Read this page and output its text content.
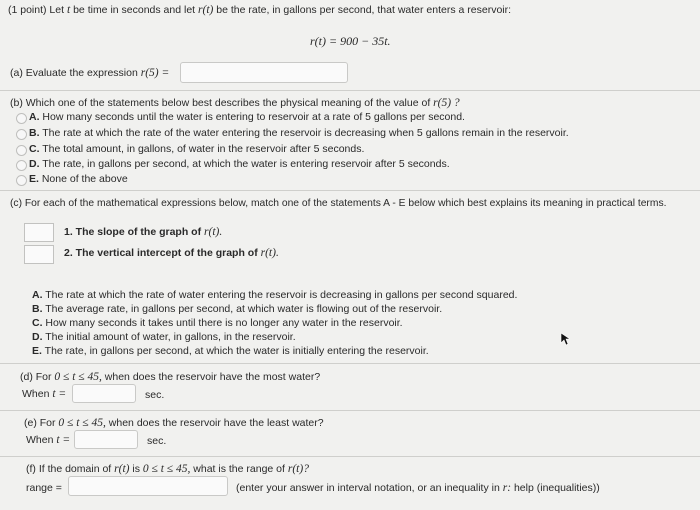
(1 point) Let t be time in seconds and let r(t) be the rate, in gallons per second, that water enters a reservoir:
r(t) = 900 − 35t.
(a) Evaluate the expression r(5) =
(b) Which one of the statements below best describes the physical meaning of the value of r(5) ?
A. How many seconds until the water is entering to reservoir at a rate of 5 gallons per second.
B. The rate at which the rate of the water entering the reservoir is decreasing when 5 gallons remain in the reservoir.
C. The total amount, in gallons, of water in the reservoir after 5 seconds.
D. The rate, in gallons per second, at which the water is entering reservoir after 5 seconds.
E. None of the above
(c) For each of the mathematical expressions below, match one of the statements A - E below which best explains its meaning in practical terms.
1. The slope of the graph of r(t).
2. The vertical intercept of the graph of r(t).
A. The rate at which the rate of water entering the reservoir is decreasing in gallons per second squared.
B. The average rate, in gallons per second, at which water is flowing out of the reservoir.
C. How many seconds it takes until there is no longer any water in the reservoir.
D. The initial amount of water, in gallons, in the reservoir.
E. The rate, in gallons per second, at which the water is initially entering the reservoir.
(d) For 0 ≤ t ≤ 45, when does the reservoir have the most water?
When t =	sec.
(e) For 0 ≤ t ≤ 45, when does the reservoir have the least water?
When t =	sec.
(f) If the domain of r(t) is 0 ≤ t ≤ 45, what is the range of r(t)?
range =	(enter your answer in interval notation, or an inequality in r: help (inequalities))
